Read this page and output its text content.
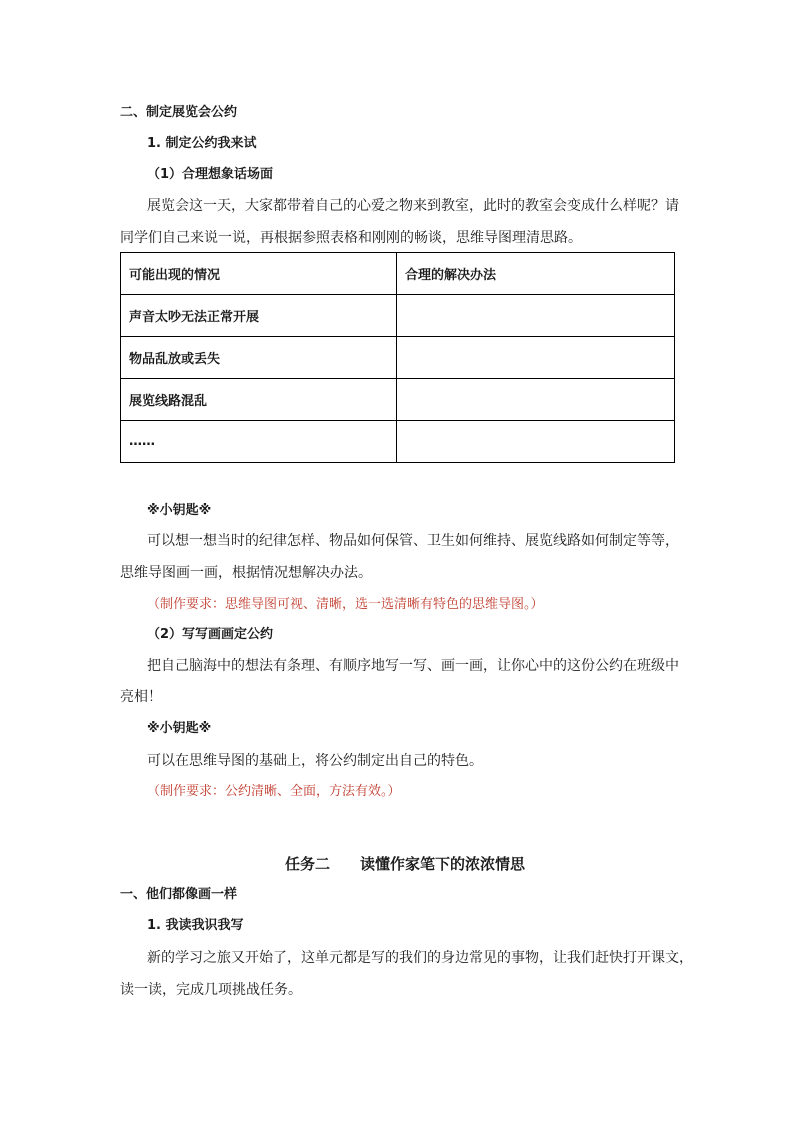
二、制定展览会公约
1. 制定公约我来试
（1）合理想象话场面
展览会这一天，大家都带着自己的心爱之物来到教室，此时的教室会变成什么样呢？请
同学们自己来说一说，再根据参照表格和刚刚的畅谈，思维导图理清思路。
可能出现的情况	合理的解决办法
声音太吵无法正常开展	
物品乱放或丢失	
展览线路混乱	
……	
※小钥匙※
可以想一想当时的纪律怎样、物品如何保管、卫生如何维持、展览线路如何制定等等，
思维导图画一画，根据情况想解决办法。
（制作要求：思维导图可视、清晰，选一选清晰有特色的思维导图。）
（2）写写画画定公约
把自己脑海中的想法有条理、有顺序地写一写、画一画，让你心中的这份公约在班级中
亮相！
※小钥匙※
可以在思维导图的基础上，将公约制定出自己的特色。
（制作要求：公约清晰、全面，方法有效。）
任务二　　读懂作家笔下的浓浓情思
一、他们都像画一样
1. 我读我识我写
新的学习之旅又开始了，这单元都是写的我们的身边常见的事物，让我们赶快打开课文，
读一读，完成几项挑战任务。
